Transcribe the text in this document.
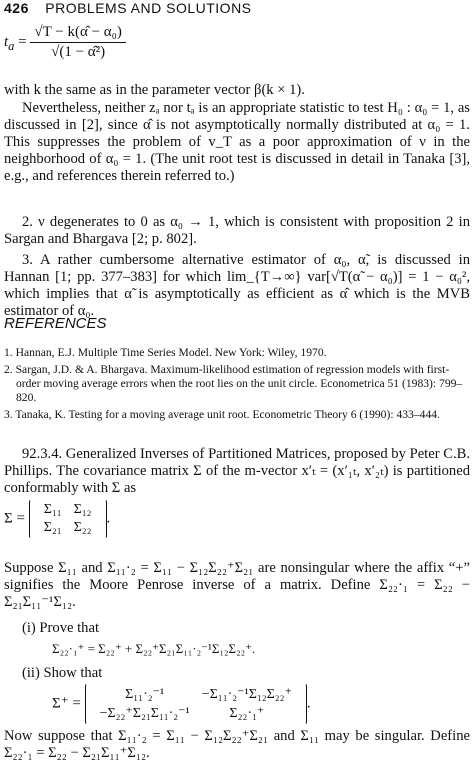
426 PROBLEMS AND SOLUTIONS
$t_a = \frac{\text{√T − k(α̂ − α₀)}}{\text{√(1 − α̂²)}}$
with k the same as in the parameter vector β(k × 1).
Nevertheless, neither zₐ nor tₐ is an appropriate statistic to test H₀ : α₀ = 1, as discussed in [2], since α̂ is not asymptotically normally distributed at α₀ = 1. This suppresses the problem of v_T as a poor approximation of ν in the neighborhood of α₀ = 1. (The unit root test is discussed in detail in Tanaka [3], e.g., and references therein referred to.)
2. ν degenerates to 0 as α₀ → 1, which is consistent with proposition 2 in Sargan and Bhargava [2; p. 802].
3. A rather cumbersome alternative estimator of α₀, α̃, is discussed in Hannan [1; pp. 377–383] for which lim_{T→∞} var[√T(α̃ − α₀)] = 1 − α₀², which implies that α̃ is asymptotically as efficient as α̂ which is the MVB estimator of α₀.
REFERENCES
1. Hannan, E.J. Multiple Time Series Model. New York: Wiley, 1970.
2. Sargan, J.D. & A. Bhargava. Maximum-likelihood estimation of regression models with first-order moving average errors when the root lies on the unit circle. Econometrica 51 (1983): 799–820.
3. Tanaka, K. Testing for a moving average unit root. Econometric Theory 6 (1990): 433–444.
92.3.4. Generalized Inverses of Partitioned Matrices, proposed by Peter C.B. Phillips. The covariance matrix Σ of the m-vector x′ₜ = (x′₁ₜ, x′₂ₜ) is partitioned conformably with Σ as
Σ =
Σ₁₁	Σ₁₂
Σ₂₁	Σ₂₂
.
Suppose Σ₁₁ and Σ₁₁·₂ = Σ₁₁ − Σ₁₂Σ₂₂⁺Σ₂₁ are nonsingular where the affix “+” signifies the Moore Penrose inverse of a matrix. Define Σ₂₂·₁ = Σ₂₂ − Σ₂₁Σ₁₁⁻¹Σ₁₂.
(i) Prove that
Σ₂₂·₁⁺ = Σ₂₂⁺ + Σ₂₂⁺Σ₂₁Σ₁₁·₂⁻¹Σ₁₂Σ₂₂⁺.
(ii) Show that
Σ⁺ =
Σ₁₁·₂⁻¹	−Σ₁₁·₂⁻¹Σ₁₂Σ₂₂⁺
−Σ₂₂⁺Σ₂₁Σ₁₁·₂⁻¹	Σ₂₂·₁⁺
.
Now suppose that Σ₁₁·₂ = Σ₁₁ − Σ₁₂Σ₂₂⁺Σ₂₁ and Σ₁₁ may be singular. Define Σ₂₂·₁ = Σ₂₂ − Σ₂₁Σ₁₁⁺Σ₁₂.
